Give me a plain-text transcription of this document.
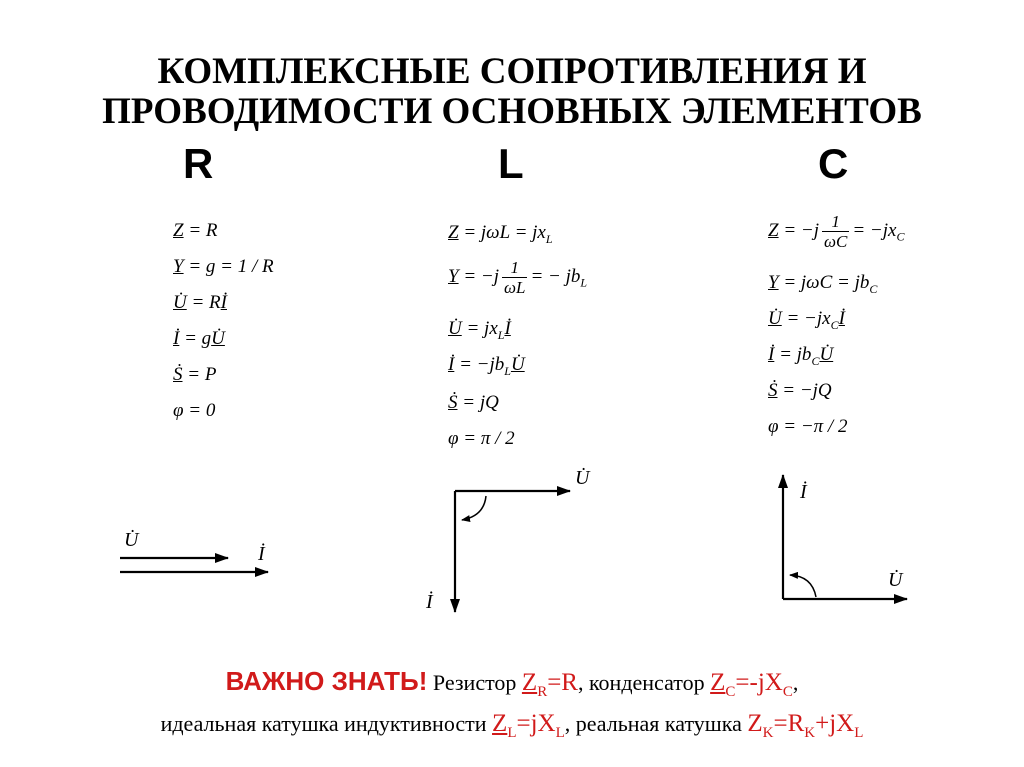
КОМПЛЕКСНЫЕ СОПРОТИВЛЕНИЯ И
ПРОВОДИМОСТИ ОСНОВНЫХ ЭЛЕМЕНТОВ
R	L	C
Z = R
Y = g = 1 / R
U̇ = Rİ
İ = gU̇
Ṡ = P
φ = 0
$Z = j\omega L = jx_L$
$Y = -j \frac{1}{\omega L}$ = − $jb_L$
U̇ = $jx_Lİ$
İ = $-jb_LU̇$
Ṡ = jQ
φ = π / 2
$Z = -j \frac{1}{\omega C} = -jx_C$
$Y = j\omega C = jb_C$
U̇ = $-jx_Cİ$
İ = $jb_CU̇$
Ṡ = −jQ
φ = −π / 2
U̇
İ
U̇
İ
U̇
İ
ВАЖНО ЗНАТЬ! Резистор $Z_R=R$, конденсатор $Z_C=-jX_C$,
идеальная катушка индуктивности $Z_L=jX_L$, реальная катушка $Z_K=R_K+jX_L$
